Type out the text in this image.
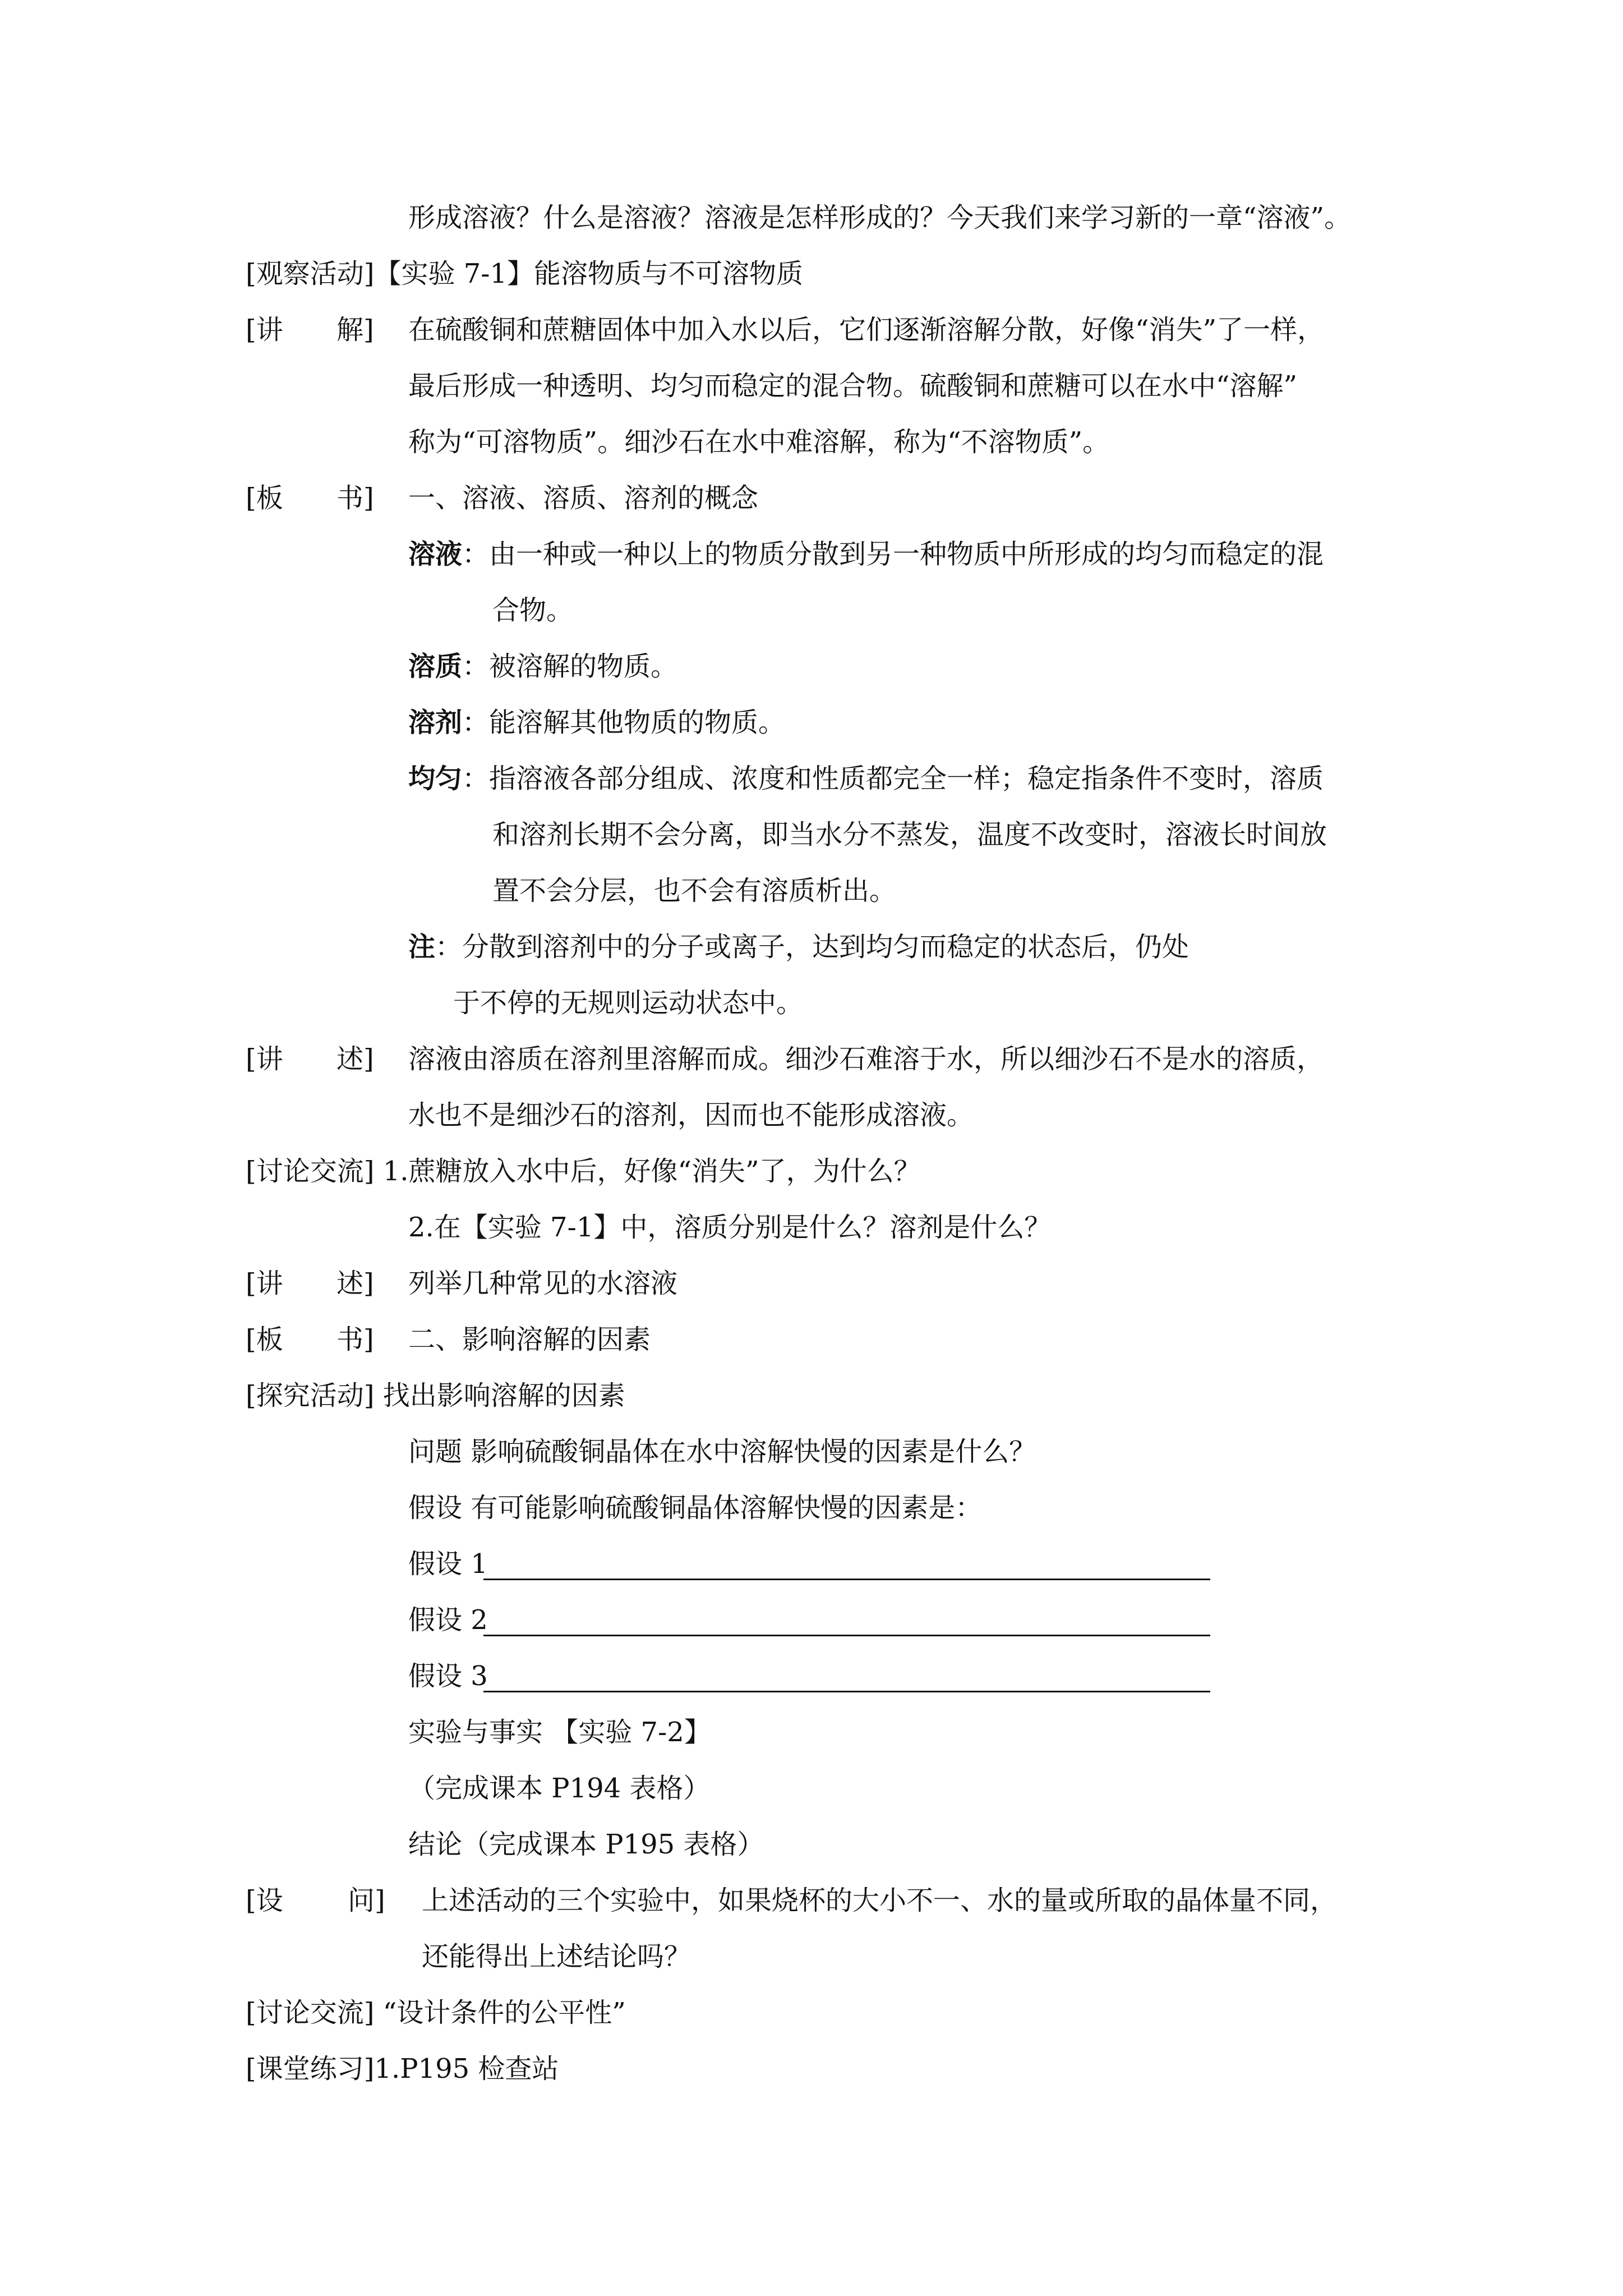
形成溶液？什么是溶液？溶液是怎样形成的？今天我们来学习新的一章“溶液”。
[观察活动]【实验 7-1】能溶物质与不可溶物质
[讲 解] 在硫酸铜和蔗糖固体中加入水以后，它们逐渐溶解分散，好像“消失”了一样，
最后形成一种透明、均匀而稳定的混合物。硫酸铜和蔗糖可以在水中“溶解”
称为“可溶物质”。细沙石在水中难溶解，称为“不溶物质”。
[板 书] 一、溶液、溶质、溶剂的概念
溶液：由一种或一种以上的物质分散到另一种物质中所形成的均匀而稳定的混
合物。
溶质：被溶解的物质。
溶剂：能溶解其他物质的物质。
均匀：指溶液各部分组成、浓度和性质都完全一样；稳定指条件不变时，溶质
和溶剂长期不会分离，即当水分不蒸发，温度不改变时，溶液长时间放
置不会分层，也不会有溶质析出。
注：分散到溶剂中的分子或离子，达到均匀而稳定的状态后，仍处
于不停的无规则运动状态中。
[讲 述] 溶液由溶质在溶剂里溶解而成。细沙石难溶于水，所以细沙石不是水的溶质，
水也不是细沙石的溶剂，因而也不能形成溶液。
[讨论交流] 1.蔗糖放入水中后，好像“消失”了，为什么？
2.在【实验 7-1】中，溶质分别是什么？溶剂是什么？
[讲 述] 列举几种常见的水溶液
[板 书] 二、影响溶解的因素
[探究活动] 找出影响溶解的因素
问题 影响硫酸铜晶体在水中溶解快慢的因素是什么？
假设 有可能影响硫酸铜晶体溶解快慢的因素是：
假设 1
假设 2
假设 3
实验与事实 【实验 7-2】
（完成课本 P194 表格）
结论（完成课本 P195 表格）
[设 问] 上述活动的三个实验中，如果烧杯的大小不一、水的量或所取的晶体量不同，
还能得出上述结论吗？
[讨论交流] “设计条件的公平性”
[课堂练习]1.P195 检查站
